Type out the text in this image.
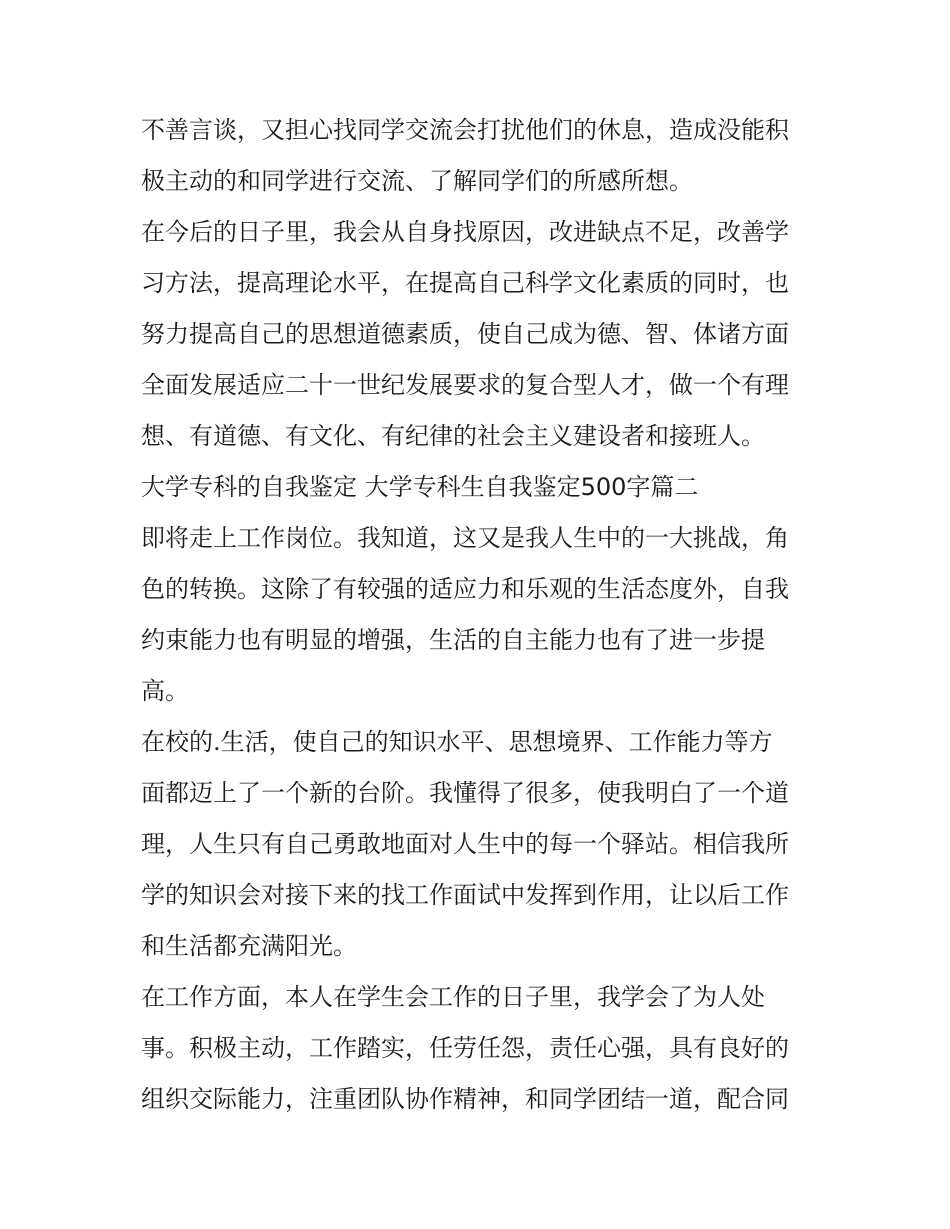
不善言谈，又担心找同学交流会打扰他们的休息，造成没能积
极主动的和同学进行交流、了解同学们的所感所想。
在今后的日子里，我会从自身找原因，改进缺点不足，改善学
习方法，提高理论水平，在提高自己科学文化素质的同时，也
努力提高自己的思想道德素质，使自己成为德、智、体诸方面
全面发展适应二十一世纪发展要求的复合型人才，做一个有理
想、有道德、有文化、有纪律的社会主义建设者和接班人。
大学专科的自我鉴定 大学专科生自我鉴定500字篇二
即将走上工作岗位。我知道，这又是我人生中的一大挑战，角
色的转换。这除了有较强的适应力和乐观的生活态度外，自我
约束能力也有明显的增强，生活的自主能力也有了进一步提
高。
在校的.生活，使自己的知识水平、思想境界、工作能力等方
面都迈上了一个新的台阶。我懂得了很多，使我明白了一个道
理，人生只有自己勇敢地面对人生中的每一个驿站。相信我所
学的知识会对接下来的找工作面试中发挥到作用，让以后工作
和生活都充满阳光。
在工作方面，本人在学生会工作的日子里，我学会了为人处
事。积极主动，工作踏实，任劳任怨，责任心强，具有良好的
组织交际能力，注重团队协作精神，和同学团结一道，配合同
